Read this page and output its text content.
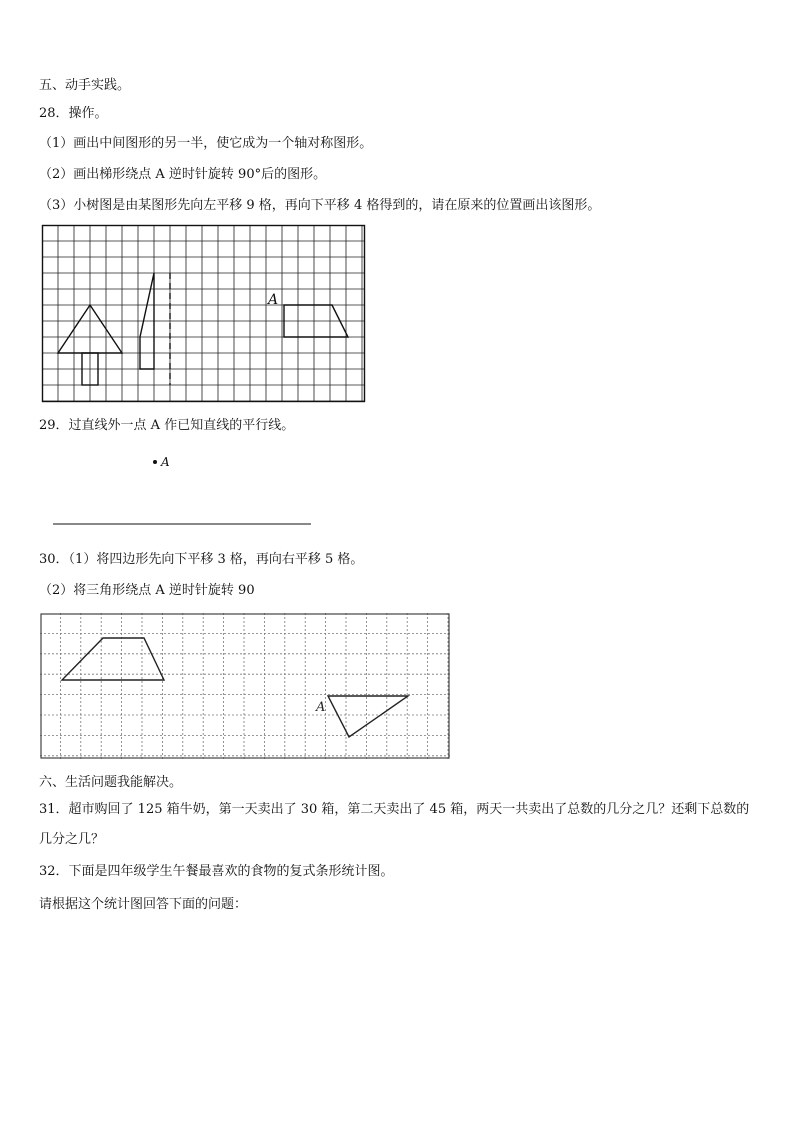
五、动手实践。
28．操作。
（1）画出中间图形的另一半，使它成为一个轴对称图形。
（2）画出梯形绕点 A 逆时针旋转 90°后的图形。
（3）小树图是由某图形先向左平移 9 格，再向下平移 4 格得到的，请在原来的位置画出该图形。
A
29．过直线外一点 A 作已知直线的平行线。
A
30．（1）将四边形先向下平移 3 格，再向右平移 5 格。
（2）将三角形绕点 A 逆时针旋转 90
A
六、生活问题我能解决。
31．超市购回了 125 箱牛奶，第一天卖出了 30 箱，第二天卖出了 45 箱，两天一共卖出了总数的几分之几？还剩下总数的几分之几？
32．下面是四年级学生午餐最喜欢的食物的复式条形统计图。
请根据这个统计图回答下面的问题：
